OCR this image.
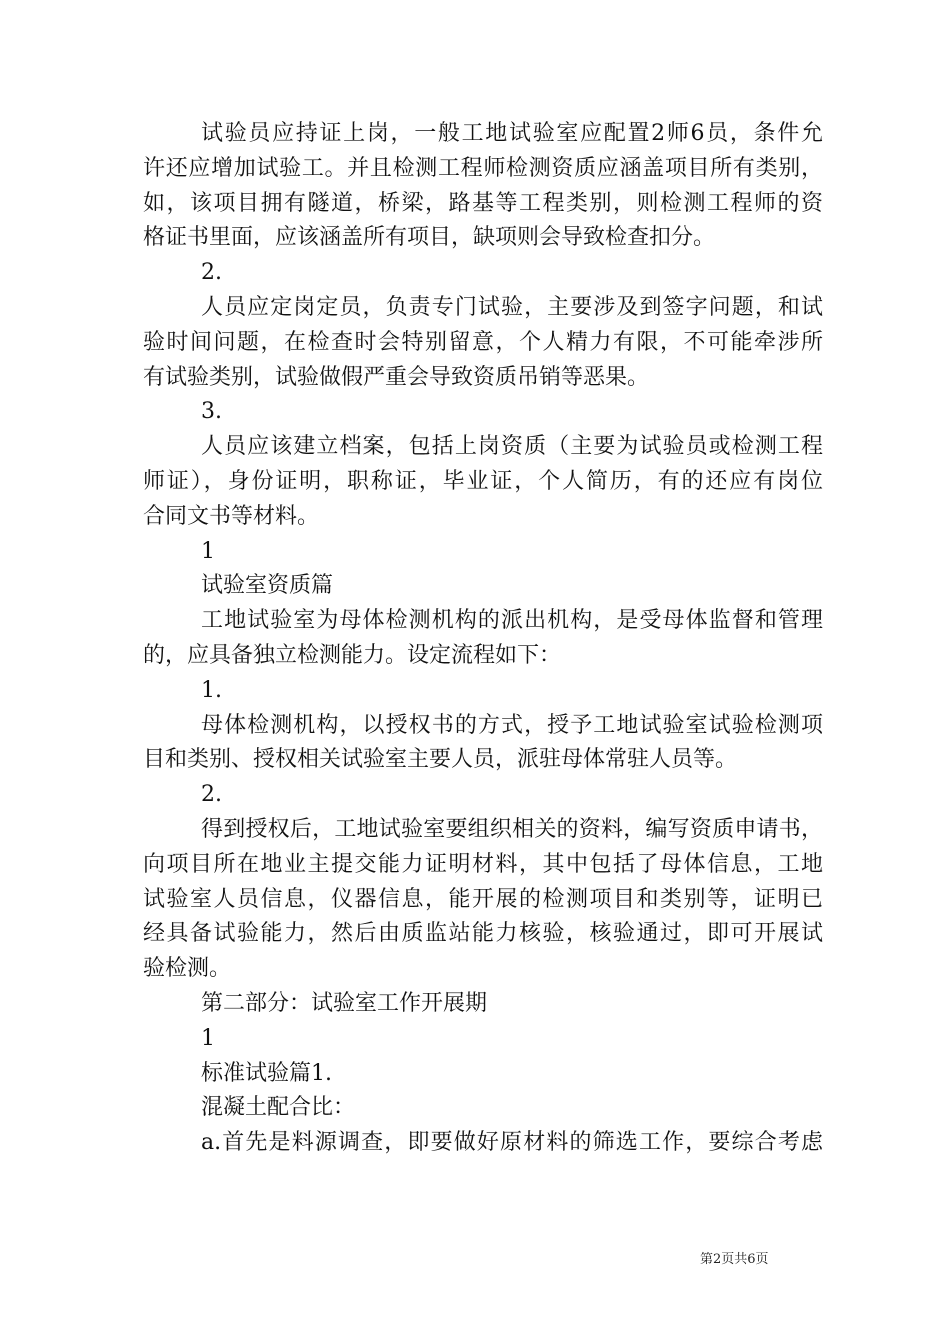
试验员应持证上岗，一般工地试验室应配置2师6员，条件允
许还应增加试验工。并且检测工程师检测资质应涵盖项目所有类别，
如，该项目拥有隧道，桥梁，路基等工程类别，则检测工程师的资
格证书里面，应该涵盖所有项目，缺项则会导致检查扣分。
2.
人员应定岗定员，负责专门试验，主要涉及到签字问题，和试
验时间问题，在检查时会特别留意，个人精力有限，不可能牵涉所
有试验类别，试验做假严重会导致资质吊销等恶果。
3.
人员应该建立档案，包括上岗资质（主要为试验员或检测工程
师证），身份证明，职称证，毕业证，个人简历，有的还应有岗位
合同文书等材料。
1
试验室资质篇
工地试验室为母体检测机构的派出机构，是受母体监督和管理
的，应具备独立检测能力。设定流程如下：
1.
母体检测机构，以授权书的方式，授予工地试验室试验检测项
目和类别、授权相关试验室主要人员，派驻母体常驻人员等。
2.
得到授权后，工地试验室要组织相关的资料，编写资质申请书，
向项目所在地业主提交能力证明材料，其中包括了母体信息，工地
试验室人员信息，仪器信息，能开展的检测项目和类别等，证明已
经具备试验能力，然后由质监站能力核验，核验通过，即可开展试
验检测。
第二部分：试验室工作开展期
1
标准试验篇1.
混凝土配合比：
a.首先是料源调查，即要做好原材料的筛选工作，要综合考虑
第2页共6页
